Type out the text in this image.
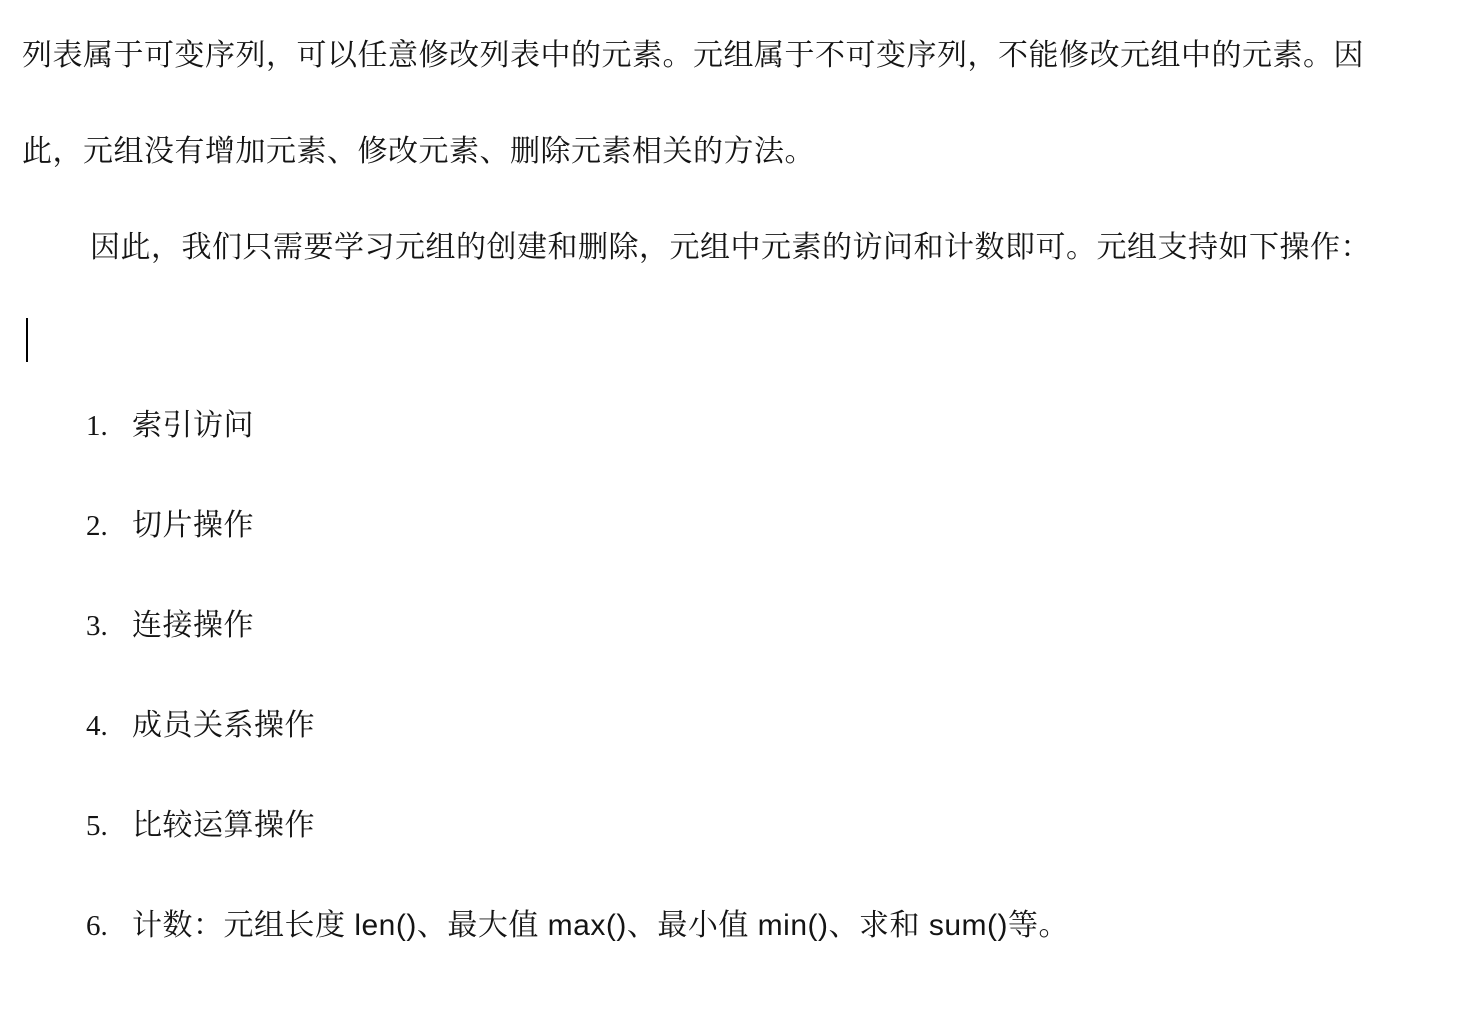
列表属于可变序列，可以任意修改列表中的元素。元组属于不可变序列，不能修改元组中的元素。因此，元组没有增加元素、修改元素、删除元素相关的方法。

因此，我们只需要学习元组的创建和删除，元组中元素的访问和计数即可。元组支持如下操作：

1. 索引访问
2. 切片操作
3. 连接操作
4. 成员关系操作
5. 比较运算操作
6. 计数：元组长度 len()、最大值 max()、最小值 min()、求和 sum()等。
